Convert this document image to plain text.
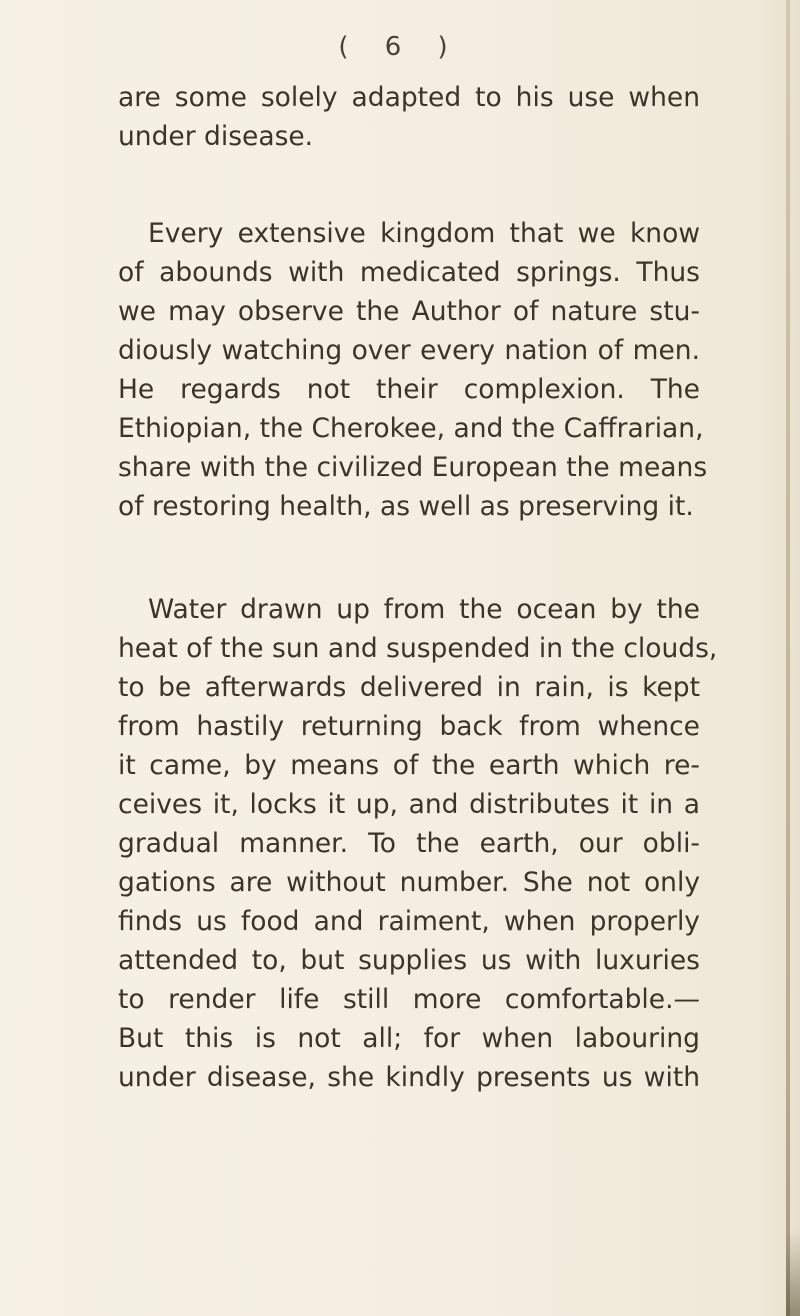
( 6 )
are some solely adapted to his use when
under disease.
Every extensive kingdom that we know
of abounds with medicated springs. Thus
we may observe the Author of nature stu-
diously watching over every nation of men.
He regards not their complexion. The
Ethiopian, the Cherokee, and the Caffrarian,
share with the civilized European the means
of restoring health, as well as preserving it.
Water drawn up from the ocean by the
heat of the sun and suspended in the clouds,
to be afterwards delivered in rain, is kept
from hastily returning back from whence
it came, by means of the earth which re-
ceives it, locks it up, and distributes it in a
gradual manner. To the earth, our obli-
gations are without number. She not only
finds us food and raiment, when properly
attended to, but supplies us with luxuries
to render life still more comfortable.—
But this is not all; for when labouring
under disease, she kindly presents us with
